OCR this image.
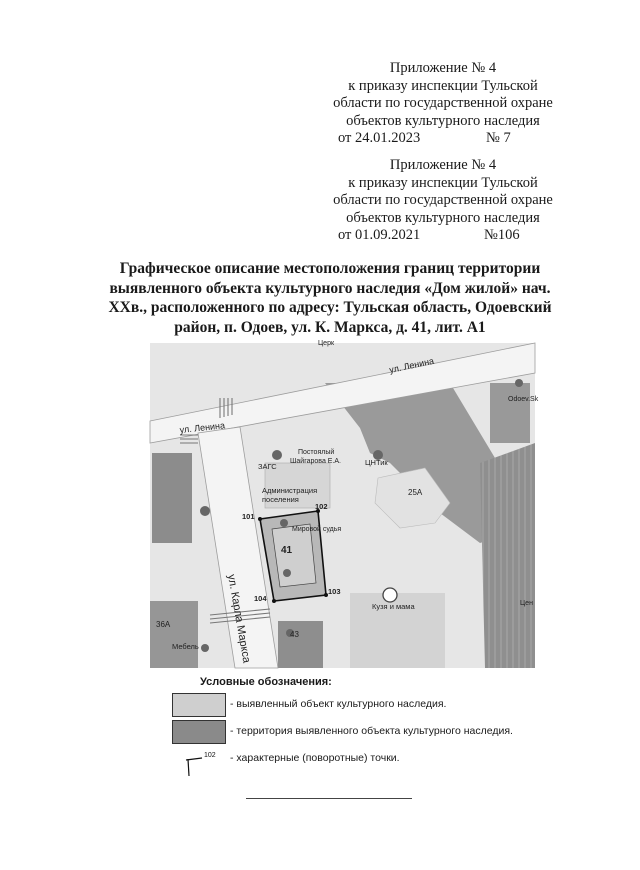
Приложение № 4

к приказу инспекции Тульской

области по государственной охране

объектов культурного наследия

от 24.01.2023	№ 7

Приложение № 4

к приказу инспекции Тульской

области по государственной охране

объектов культурного наследия

от 01.09.2021	№106

Графическое описание местоположения границ территории

выявленного объекта культурного наследия «Дом жилой» нач.

XXв., расположенного по адресу: Тульская область, Одоевский

район, п. Одоев, ул. К. Маркса, д. 41, лит. А1

Церк
ул. Ленина
ул. Ленина
ул. Карла Маркса
Odoev.Sk
ЗАГС
Постоялый
Шайгарова Е.А.	ЦНТик
Администрация
поселения
25А
Мировой судья
41
Цен
Кузя и мама
43
36А
Мебель
101
102
103
104
Условные обозначения:
- выявленный объект культурного наследия.
- территория выявленного объекта культурного наследия.
102 - характерные (поворотные) точки.
